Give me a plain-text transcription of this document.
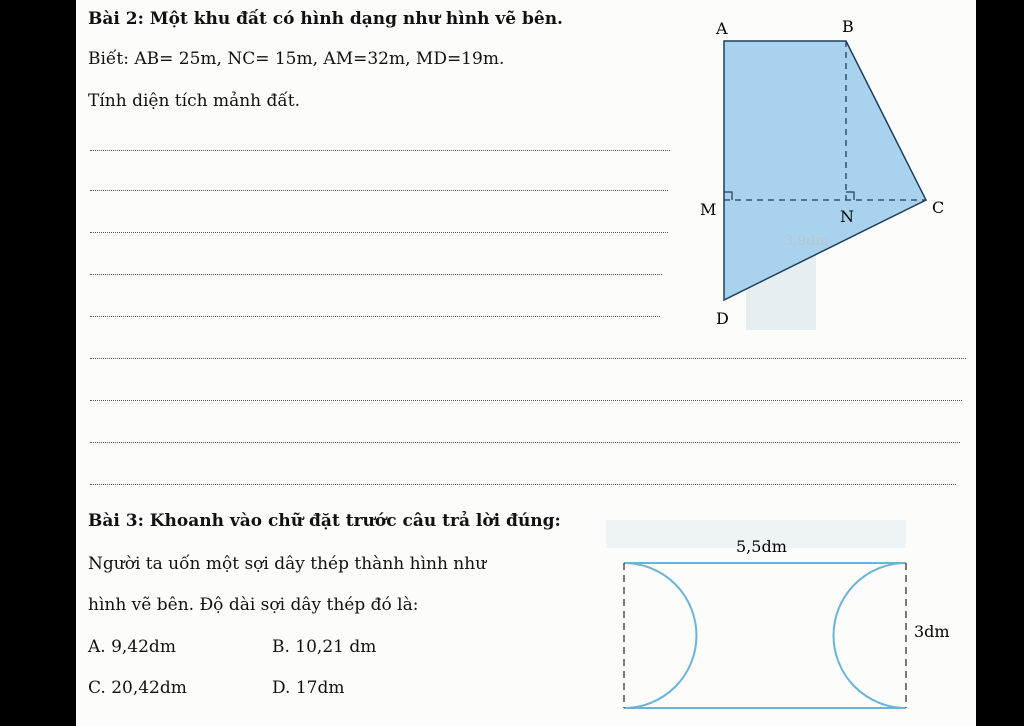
Bài 2: Một khu đất có hình dạng như hình vẽ bên.
Biết: AB= 25m, NC= 15m, AM=32m, MD=19m.
Tính diện tích mảnh đất.
3,9dm
A	B
C
D
M	N
Bài 3: Khoanh vào chữ đặt trước câu trả lời đúng:
Người ta uốn một sợi dây thép thành hình như
hình vẽ bên. Độ dài sợi dây thép đó là:
A. 9,42dm	B. 10,21 dm
C. 20,42dm	D. 17dm
5,5dm
3dm
